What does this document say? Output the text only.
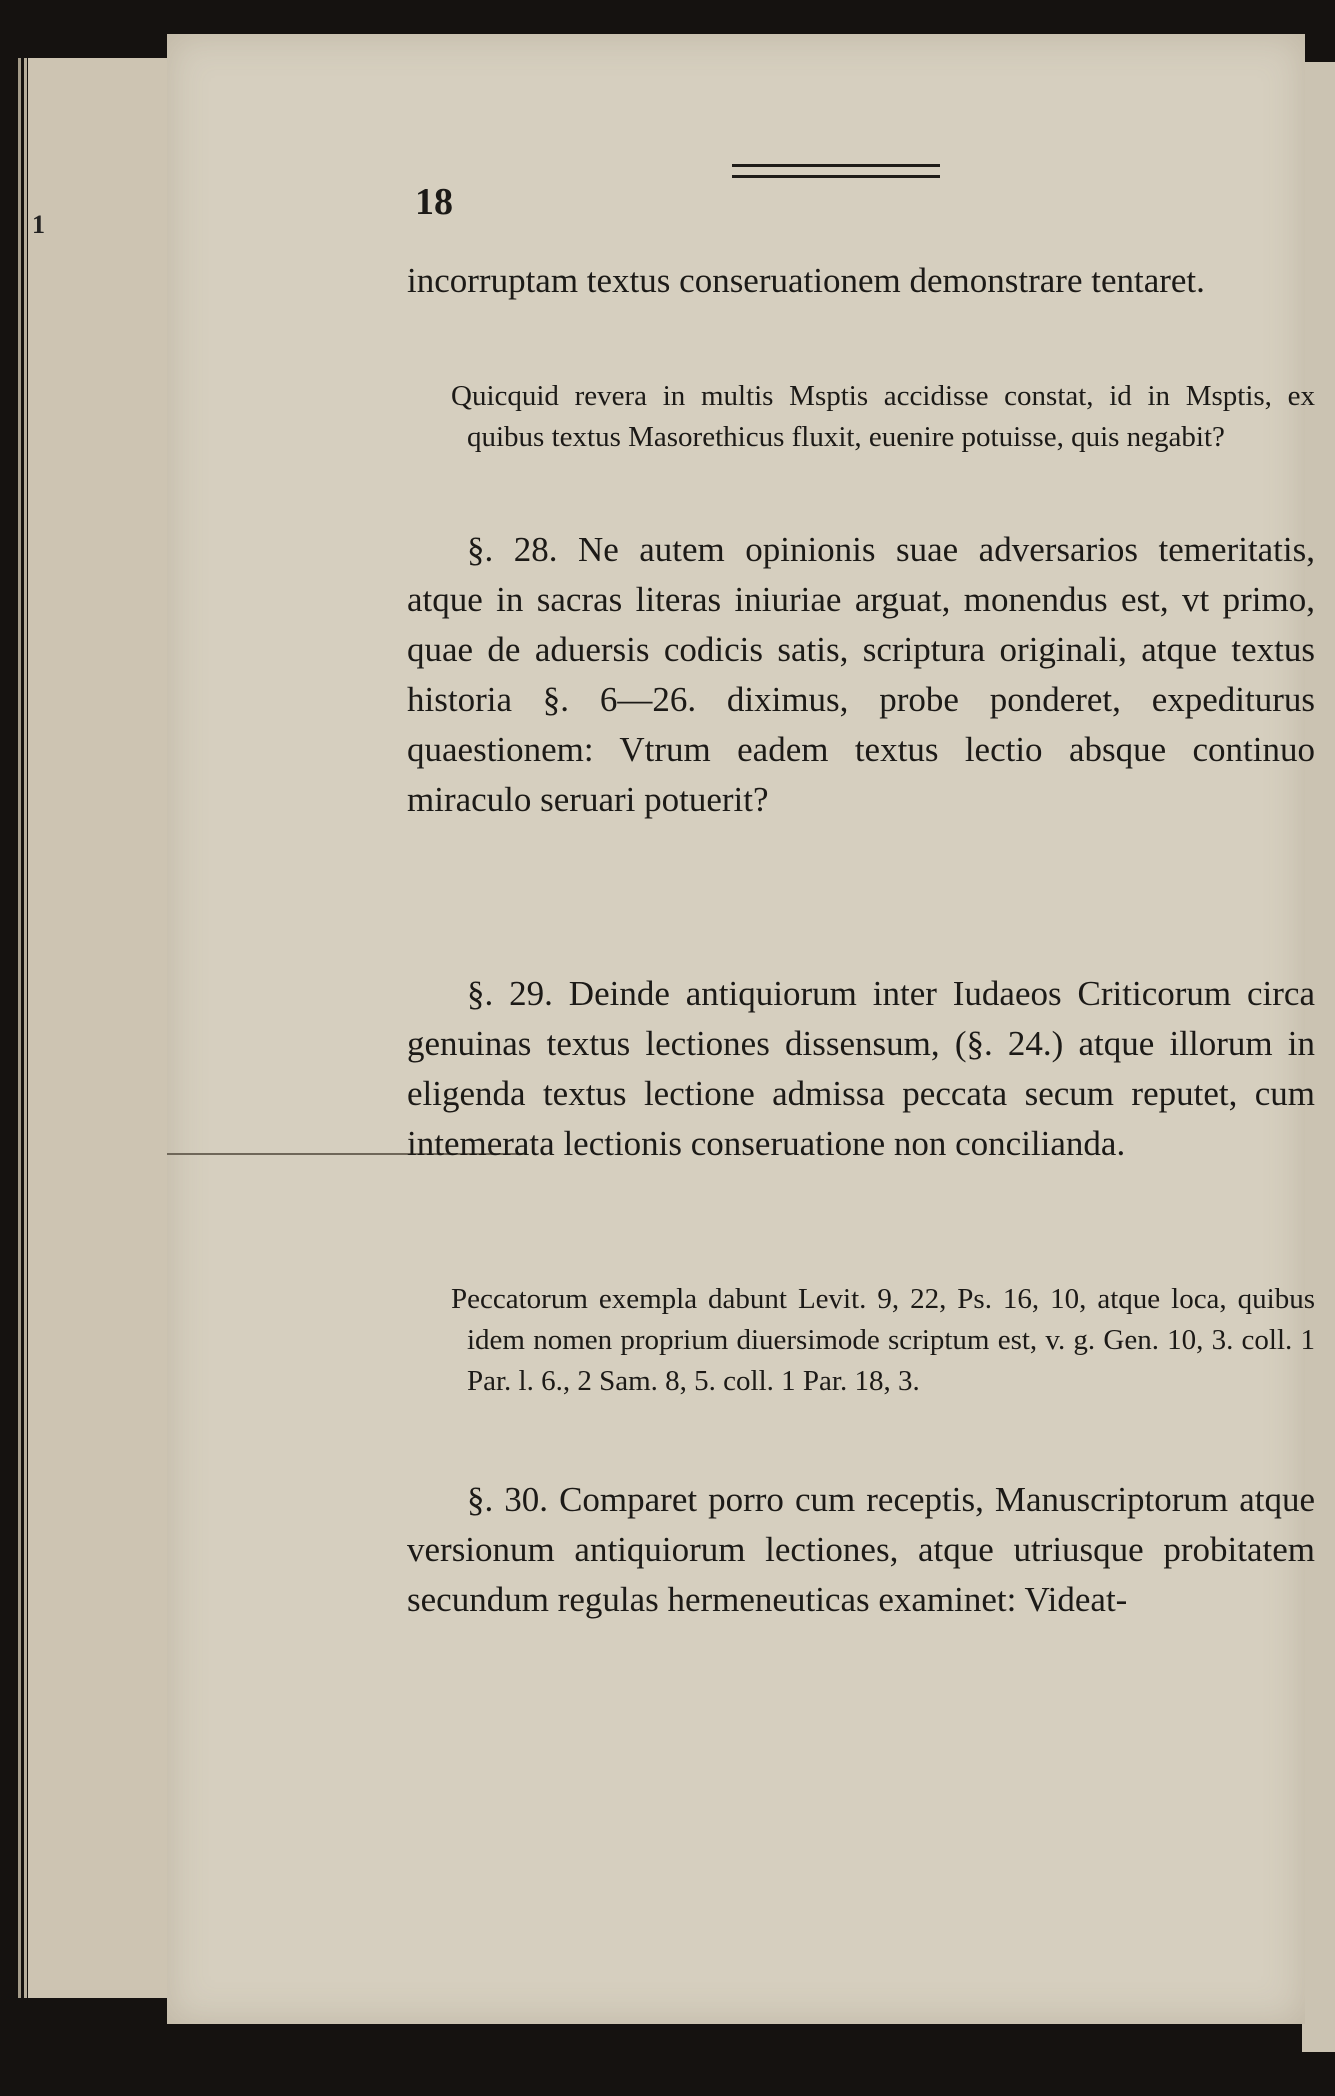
1
18
incorruptam textus conseruationem demonstrare tentaret.
Quicquid revera in multis Msptis accidisse constat, id in Msptis, ex quibus textus Masorethicus fluxit, euenire potuisse, quis negabit?
§. 28. Ne autem opinionis suae adversarios temeritatis, atque in sacras literas iniuriae arguat, monendus est, vt primo, quae de aduersis codicis satis, scriptura originali, atque textus historia §. 6—26. diximus, probe ponderet, expediturus quaestionem: Vtrum eadem textus lectio absque continuo miraculo seruari potuerit?
§. 29. Deinde antiquiorum inter Iudaeos Criticorum circa genuinas textus lectiones dissensum, (§. 24.) atque illorum in eligenda textus lectione admissa peccata secum reputet, cum intemerata lectionis conseruatione non concilianda.
Peccatorum exempla dabunt Levit. 9, 22, Ps. 16, 10, atque loca, quibus idem nomen proprium diuersimode scriptum est, v. g. Gen. 10, 3. coll. 1 Par. l. 6., 2 Sam. 8, 5. coll. 1 Par. 18, 3.
§. 30. Comparet porro cum receptis, Manuscriptorum atque versionum antiquiorum lectiones, atque utriusque probitatem secundum regulas hermeneuticas examinet: Videat-
